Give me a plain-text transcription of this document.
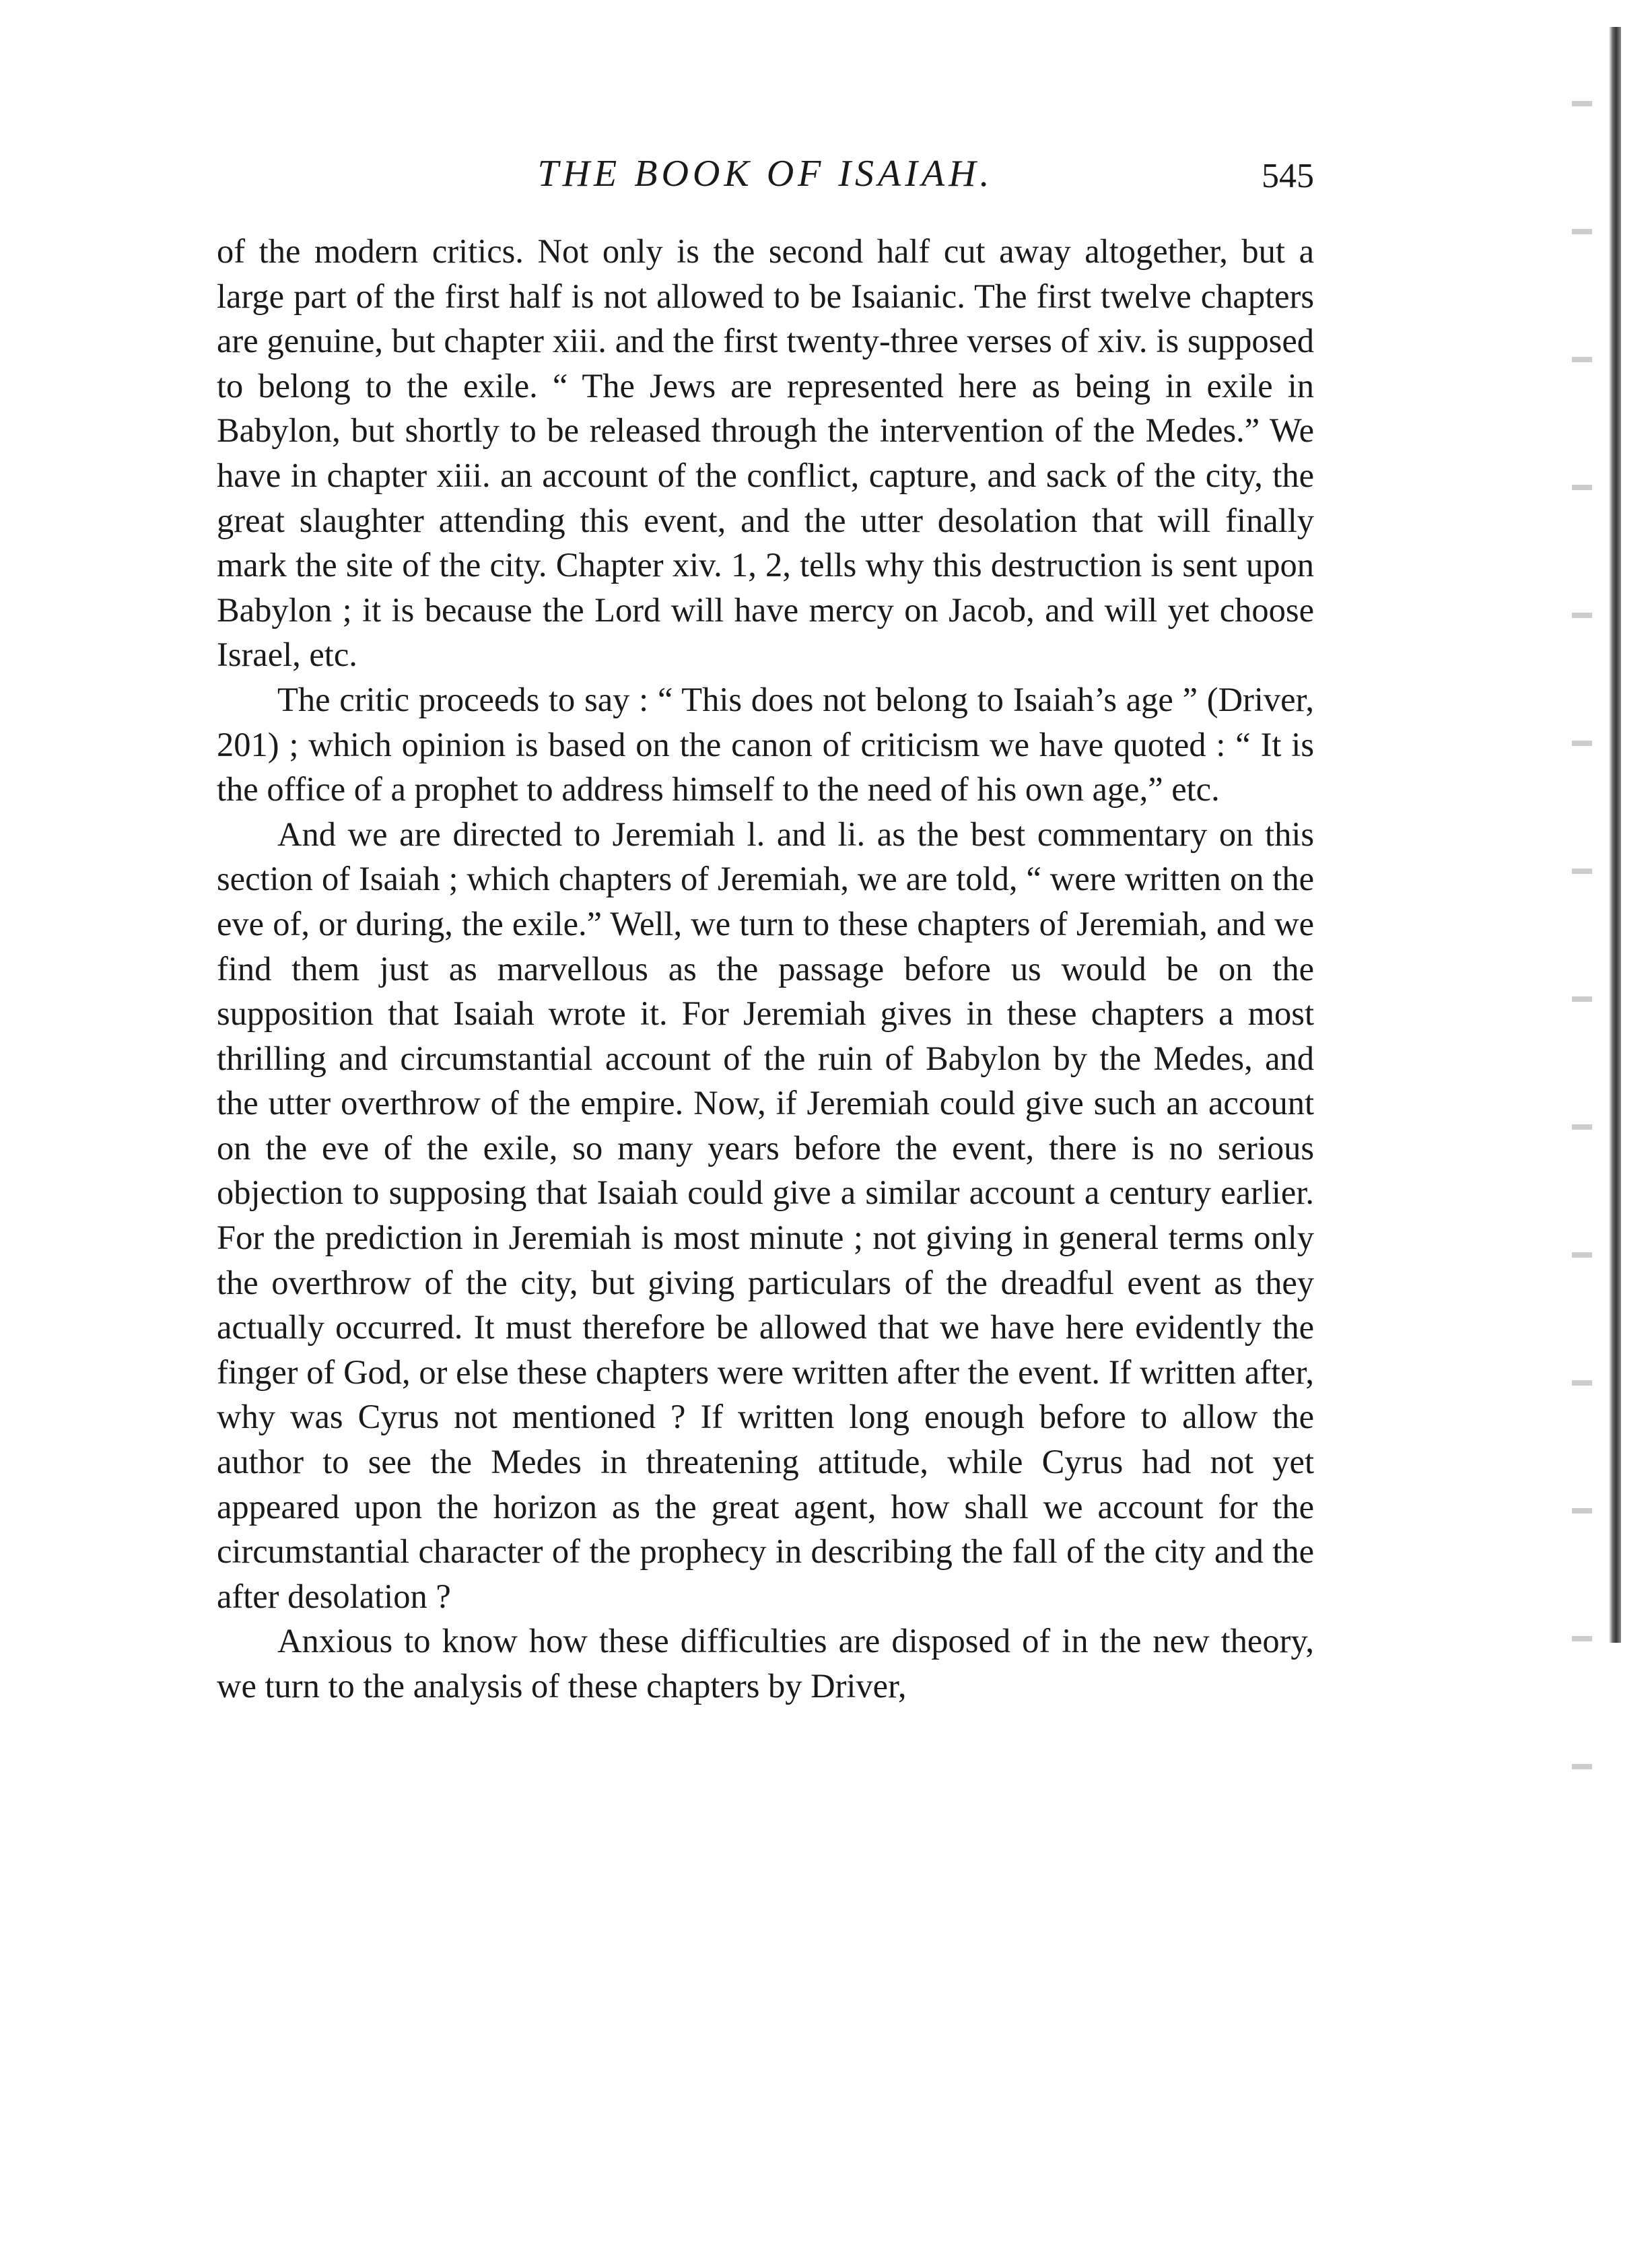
THE BOOK OF ISAIAH.	545

of the modern critics. Not only is the second half cut away altogether, but a large part of the first half is not allowed to be Isaianic. The first twelve chapters are genuine, but chapter xiii. and the first twenty-three verses of xiv. is supposed to belong to the exile. “ The Jews are represented here as being in exile in Babylon, but shortly to be released through the intervention of the Medes.” We have in chapter xiii. an account of the conflict, capture, and sack of the city, the great slaughter attending this event, and the utter desolation that will finally mark the site of the city. Chapter xiv. 1, 2, tells why this destruction is sent upon Babylon ; it is because the Lord will have mercy on Jacob, and will yet choose Israel, etc.

The critic proceeds to say : “ This does not belong to Isaiah’s age ” (Driver, 201) ; which opinion is based on the canon of criticism we have quoted : “ It is the office of a prophet to address himself to the need of his own age,” etc.

And we are directed to Jeremiah l. and li. as the best commentary on this section of Isaiah ; which chapters of Jeremiah, we are told, “ were written on the eve of, or during, the exile.” Well, we turn to these chapters of Jeremiah, and we find them just as marvellous as the passage before us would be on the supposition that Isaiah wrote it. For Jeremiah gives in these chapters a most thrilling and circumstantial account of the ruin of Babylon by the Medes, and the utter overthrow of the empire. Now, if Jeremiah could give such an account on the eve of the exile, so many years before the event, there is no serious objection to supposing that Isaiah could give a similar account a century earlier. For the prediction in Jeremiah is most minute ; not giving in general terms only the overthrow of the city, but giving particulars of the dreadful event as they actually occurred. It must therefore be allowed that we have here evidently the finger of God, or else these chapters were written after the event. If written after, why was Cyrus not mentioned ? If written long enough before to allow the author to see the Medes in threatening attitude, while Cyrus had not yet appeared upon the horizon as the great agent, how shall we account for the circumstantial character of the prophecy in describing the fall of the city and the after desolation ?

Anxious to know how these difficulties are disposed of in the new theory, we turn to the analysis of these chapters by Driver,
